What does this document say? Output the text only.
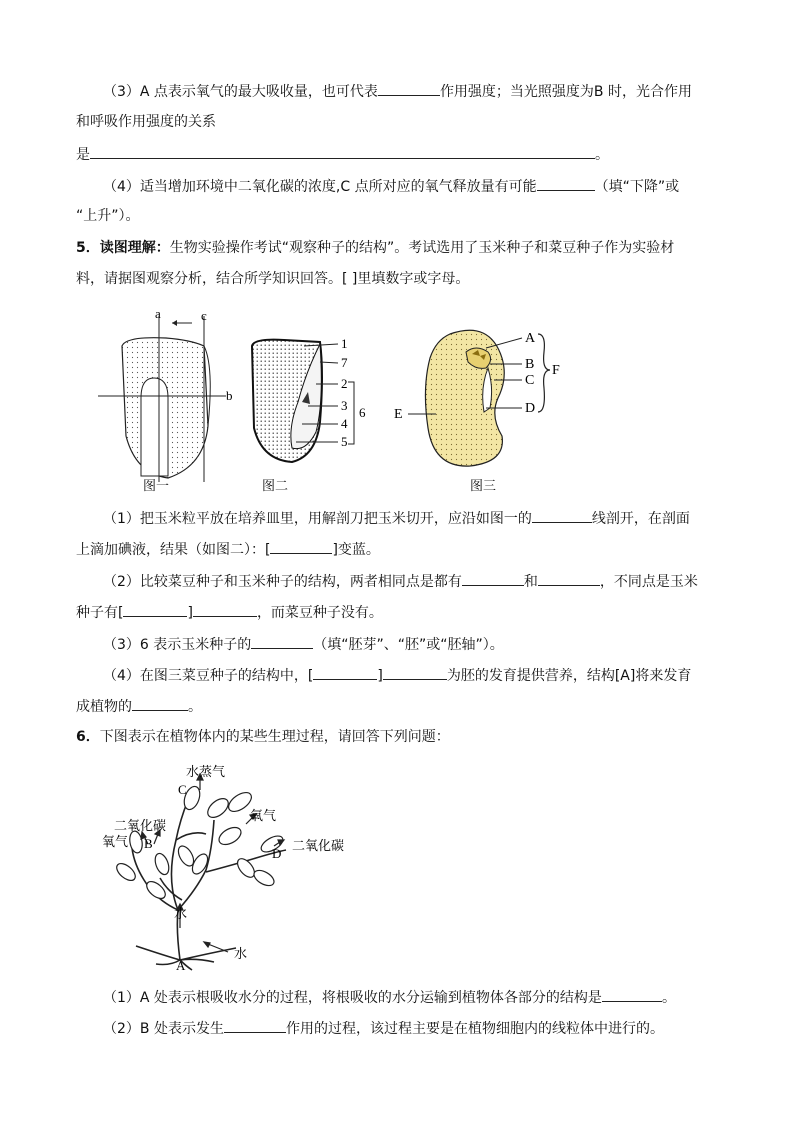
（3）A 点表示氧气的最大吸收量，也可代表	作用强度；当光照强度为B 时，光合作用
和呼吸作用强度的关系
是	。
（4）适当增加环境中二氧化碳的浓度,C 点所对应的氧气释放量有可能	（填“下降”或
“上升”）。
5．读图理解：生物实验操作考试“观察种子的结构”。考试选用了玉米种子和菜豆种子作为实验材
料，请据图观察分析，结合所学知识回答。[ ]里填数字或字母。
a	c
b
图一
1
7
2
3
4
5
6
图二
A
B
C
D
E
F
图三
（1）把玉米粒平放在培养皿里，用解剖刀把玉米切开，应沿如图一的	线剖开，在剖面
上滴加碘液，结果（如图二）：[	]变蓝。
（2）比较菜豆种子和玉米种子的结构，两者相同点是都有	和	，不同点是玉米
种子有[	]	，而菜豆种子没有。
（3）6 表示玉米种子的	（填“胚芽”、“胚”或“胚轴”）。
（4）在图三菜豆种子的结构中，[	]	为胚的发育提供营养，结构[A]将来发育
成植物的	。
6．下图表示在植物体内的某些生理过程，请回答下列问题：
水蒸气
C
二氧化碳
氧气 B
氧气
二氧化碳
D
水
水
A
（1）A 处表示根吸收水分的过程，将根吸收的水分运输到植物体各部分的结构是	。
（2）B 处表示发生	作用的过程，该过程主要是在植物细胞内的线粒体中进行的。
